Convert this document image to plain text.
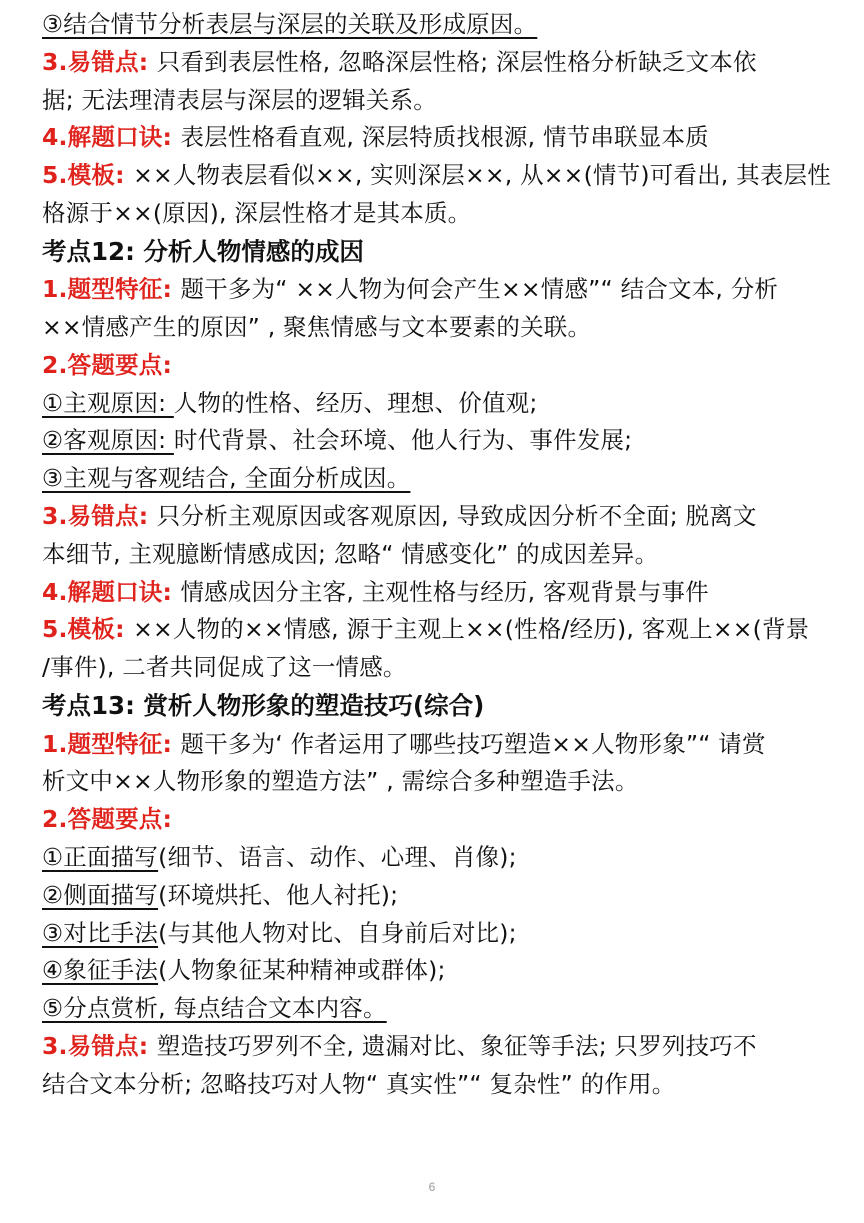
③结合情节分析表层与深层的关联及形成原因。
3.易错点: 只看到表层性格, 忽略深层性格; 深层性格分析缺乏文本依
据; 无法理清表层与深层的逻辑关系。
4.解题口诀: 表层性格看直观, 深层特质找根源, 情节串联显本质
5.模板: ××人物表层看似××, 实则深层××, 从××(情节)可看出, 其表层性
格源于××(原因), 深层性格才是其本质。
考点12: 分析人物情感的成因
1.题型特征: 题干多为“ ××人物为何会产生××情感”“ 结合文本, 分析
××情感产生的原因” , 聚焦情感与文本要素的关联。
2.答题要点:
①主观原因: 人物的性格、经历、理想、价值观;
②客观原因: 时代背景、社会环境、他人行为、事件发展;
③主观与客观结合, 全面分析成因。
3.易错点: 只分析主观原因或客观原因, 导致成因分析不全面; 脱离文
本细节, 主观臆断情感成因; 忽略“ 情感变化” 的成因差异。
4.解题口诀: 情感成因分主客, 主观性格与经历, 客观背景与事件
5.模板: ××人物的××情感, 源于主观上××(性格/经历), 客观上××(背景
/事件), 二者共同促成了这一情感。
考点13: 赏析人物形象的塑造技巧(综合)
1.题型特征: 题干多为‘ 作者运用了哪些技巧塑造××人物形象”“ 请赏
析文中××人物形象的塑造方法” , 需综合多种塑造手法。
2.答题要点:
①正面描写(细节、语言、动作、心理、肖像);
②侧面描写(环境烘托、他人衬托);
③对比手法(与其他人物对比、自身前后对比);
④象征手法(人物象征某种精神或群体);
⑤分点赏析, 每点结合文本内容。
3.易错点: 塑造技巧罗列不全, 遗漏对比、象征等手法; 只罗列技巧不
结合文本分析; 忽略技巧对人物“ 真实性”“ 复杂性” 的作用。
6
